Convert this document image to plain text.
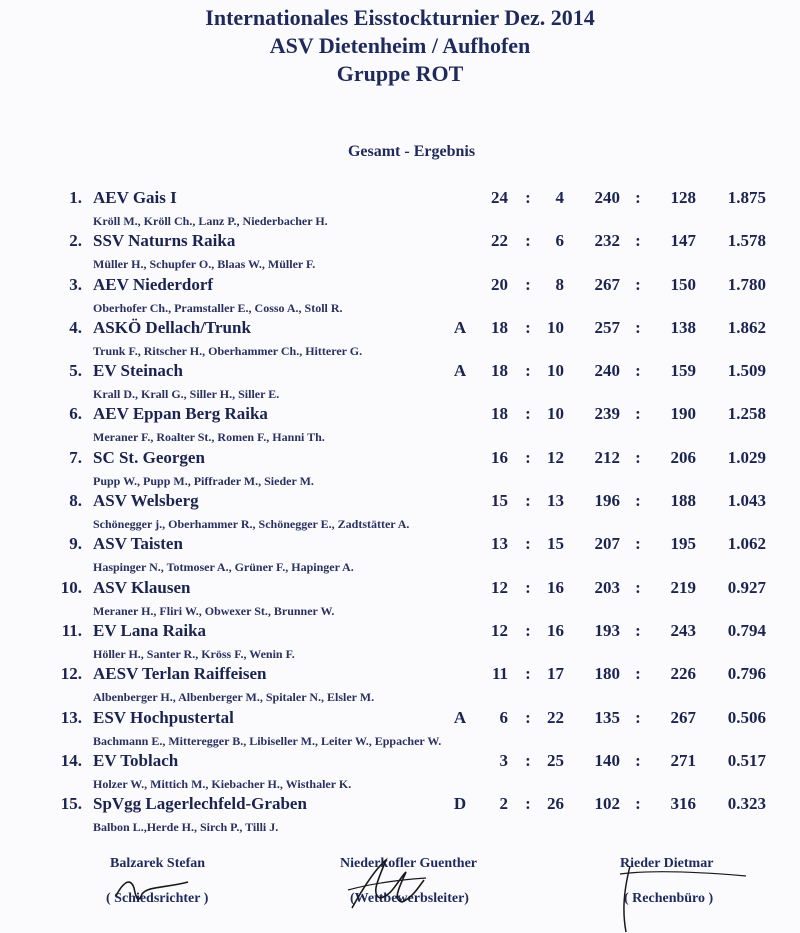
Internationales Eisstockturnier Dez. 2014
ASV Dietenheim / Aufhofen
Gruppe ROT
Gesamt - Ergebnis
1. AEV Gais I	24 :	4	240 :	128	1.875
Kröll M., Kröll Ch., Lanz P., Niederbacher H.
2. SSV Naturns Raika	22 :	6	232 :	147	1.578
Müller H., Schupfer O., Blaas W., Müller F.
3. AEV Niederdorf	20 :	8	267 :	150	1.780
Oberhofer Ch., Pramstaller E., Cosso A., Stoll R.
4. ASKÖ Dellach/Trunk	A	18 : 10	257 :	138	1.862
Trunk F., Ritscher H., Oberhammer Ch., Hitterer G.
5. EV Steinach	A	18 : 10	240 :	159	1.509
Krall D., Krall G., Siller H., Siller E.
6. AEV Eppan Berg Raika	18 : 10	239 :	190	1.258
Meraner F., Roalter St., Romen F., Hanni Th.
7. SC St. Georgen	16 : 12	212 :	206	1.029
Pupp W., Pupp M., Piffrader M., Sieder M.
8. ASV Welsberg	15 : 13	196 :	188	1.043
Schönegger j., Oberhammer R., Schönegger E., Zadtstätter A.
9. ASV Taisten	13 : 15	207 :	195	1.062
Haspinger N., Totmoser A., Grüner F., Hapinger A.
10. ASV Klausen	12 : 16	203 :	219	0.927
Meraner H., Fliri W., Obwexer St., Brunner W.
11. EV Lana Raika	12 : 16	193 :	243	0.794
Höller H., Santer R., Kröss F., Wenin F.
12. AESV Terlan Raiffeisen	11 : 17	180 :	226	0.796
Albenberger H., Albenberger M., Spitaler N., Elsler M.
13. ESV Hochpustertal	A	6 : 22	135 :	267	0.506
Bachmann E., Mitteregger B., Libiseller M., Leiter W., Eppacher W.
14. EV Toblach	3 : 25	140 :	271	0.517
Holzer W., Mittich M., Kiebacher H., Wisthaler K.
15. SpVgg Lagerlechfeld-Graben	D	2 : 26	102 :	316	0.323
Balbon L.,Herde H., Sirch P., Tilli J.
Balzarek Stefan
( Schiedsrichter )
Niederkofler Guenther
(Wettbewerbsleiter)
Rieder Dietmar
( Rechenbüro )
